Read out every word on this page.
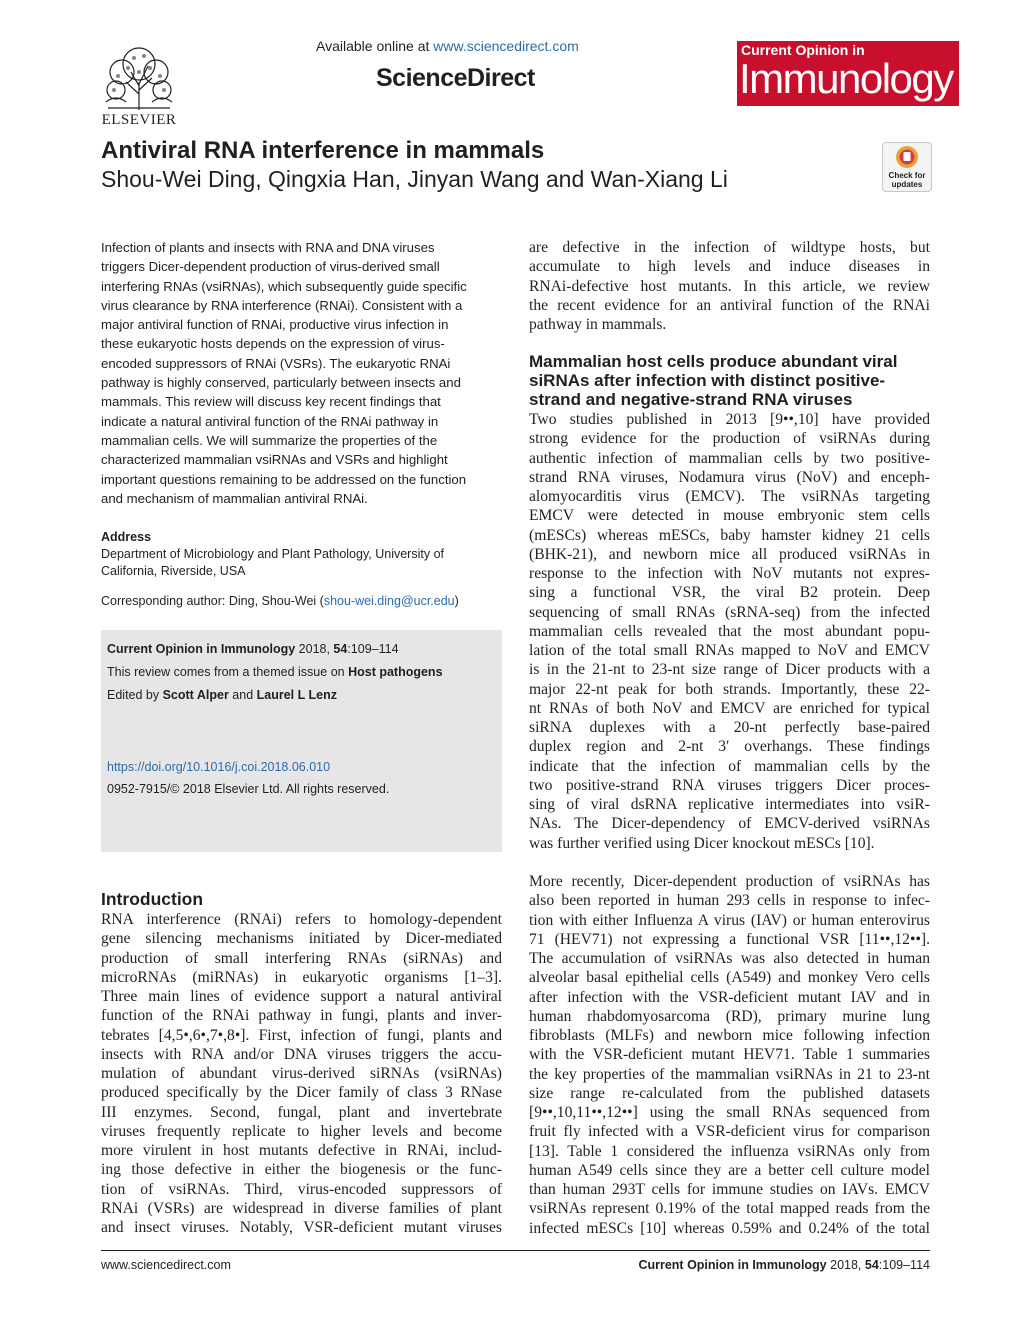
ELSEVIER
Available online at www.sciencedirect.com
ScienceDirect
Current Opinion in
Immunology
Antiviral RNA interference in mammals
Shou-Wei Ding, Qingxia Han, Jinyan Wang and Wan-Xiang Li	Check for
updates
Infection of plants and insects with RNA and DNA viruses
triggers Dicer-dependent production of virus-derived small
interfering RNAs (vsiRNAs), which subsequently guide specific
virus clearance by RNA interference (RNAi). Consistent with a
major antiviral function of RNAi, productive virus infection in
these eukaryotic hosts depends on the expression of virus-
encoded suppressors of RNAi (VSRs). The eukaryotic RNAi
pathway is highly conserved, particularly between insects and
mammals. This review will discuss key recent findings that
indicate a natural antiviral function of the RNAi pathway in
mammalian cells. We will summarize the properties of the
characterized mammalian vsiRNAs and VSRs and highlight
important questions remaining to be addressed on the function
and mechanism of mammalian antiviral RNAi.
Address
Department of Microbiology and Plant Pathology, University of
California, Riverside, USA
Corresponding author: Ding, Shou-Wei (shou-wei.ding@ucr.edu)
Current Opinion in Immunology 2018, 54:109–114
This review comes from a themed issue on Host pathogens
Edited by Scott Alper and Laurel L Lenz
https://doi.org/10.1016/j.coi.2018.06.010
0952-7915/© 2018 Elsevier Ltd. All rights reserved.
Introduction
RNA interference (RNAi) refers to homology-dependent
gene silencing mechanisms initiated by Dicer-mediated
production of small interfering RNAs (siRNAs) and
microRNAs (miRNAs) in eukaryotic organisms [1–3].
Three main lines of evidence support a natural antiviral
function of the RNAi pathway in fungi, plants and inver-
tebrates [4,5•,6•,7•,8•]. First, infection of fungi, plants and
insects with RNA and/or DNA viruses triggers the accu-
mulation of abundant virus-derived siRNAs (vsiRNAs)
produced specifically by the Dicer family of class 3 RNase
III enzymes. Second, fungal, plant and invertebrate
viruses frequently replicate to higher levels and become
more virulent in host mutants defective in RNAi, includ-
ing those defective in either the biogenesis or the func-
tion of vsiRNAs. Third, virus-encoded suppressors of
RNAi (VSRs) are widespread in diverse families of plant
and insect viruses. Notably, VSR-deficient mutant viruses
are defective in the infection of wildtype hosts, but
accumulate to high levels and induce diseases in
RNAi-defective host mutants. In this article, we review
the recent evidence for an antiviral function of the RNAi
pathway in mammals.
Mammalian host cells produce abundant viral
siRNAs after infection with distinct positive-
strand and negative-strand RNA viruses
Two studies published in 2013 [9••,10] have provided
strong evidence for the production of vsiRNAs during
authentic infection of mammalian cells by two positive-
strand RNA viruses, Nodamura virus (NoV) and enceph-
alomyocarditis virus (EMCV). The vsiRNAs targeting
EMCV were detected in mouse embryonic stem cells
(mESCs) whereas mESCs, baby hamster kidney 21 cells
(BHK-21), and newborn mice all produced vsiRNAs in
response to the infection with NoV mutants not expres-
sing a functional VSR, the viral B2 protein. Deep
sequencing of small RNAs (sRNA-seq) from the infected
mammalian cells revealed that the most abundant popu-
lation of the total small RNAs mapped to NoV and EMCV
is in the 21-nt to 23-nt size range of Dicer products with a
major 22-nt peak for both strands. Importantly, these 22-
nt RNAs of both NoV and EMCV are enriched for typical
siRNA duplexes with a 20-nt perfectly base-paired
duplex region and 2-nt 3′ overhangs. These findings
indicate that the infection of mammalian cells by the
two positive-strand RNA viruses triggers Dicer proces-
sing of viral dsRNA replicative intermediates into vsiR-
NAs. The Dicer-dependency of EMCV-derived vsiRNAs
was further verified using Dicer knockout mESCs [10].
More recently, Dicer-dependent production of vsiRNAs has
also been reported in human 293 cells in response to infec-
tion with either Influenza A virus (IAV) or human enterovirus
71 (HEV71) not expressing a functional VSR [11••,12••].
The accumulation of vsiRNAs was also detected in human
alveolar basal epithelial cells (A549) and monkey Vero cells
after infection with the VSR-deficient mutant IAV and in
human rhabdomyosarcoma (RD), primary murine lung
fibroblasts (MLFs) and newborn mice following infection
with the VSR-deficient mutant HEV71. Table 1 summaries
the key properties of the mammalian vsiRNAs in 21 to 23-nt
size range re-calculated from the published datasets
[9••,10,11••,12••] using the small RNAs sequenced from
fruit fly infected with a VSR-deficient virus for comparison
[13]. Table 1 considered the influenza vsiRNAs only from
human A549 cells since they are a better cell culture model
than human 293T cells for immune studies on IAVs. EMCV
vsiRNAs represent 0.19% of the total mapped reads from the
infected mESCs [10] whereas 0.59% and 0.24% of the total
www.sciencedirect.com	Current Opinion in Immunology 2018, 54:109–114
